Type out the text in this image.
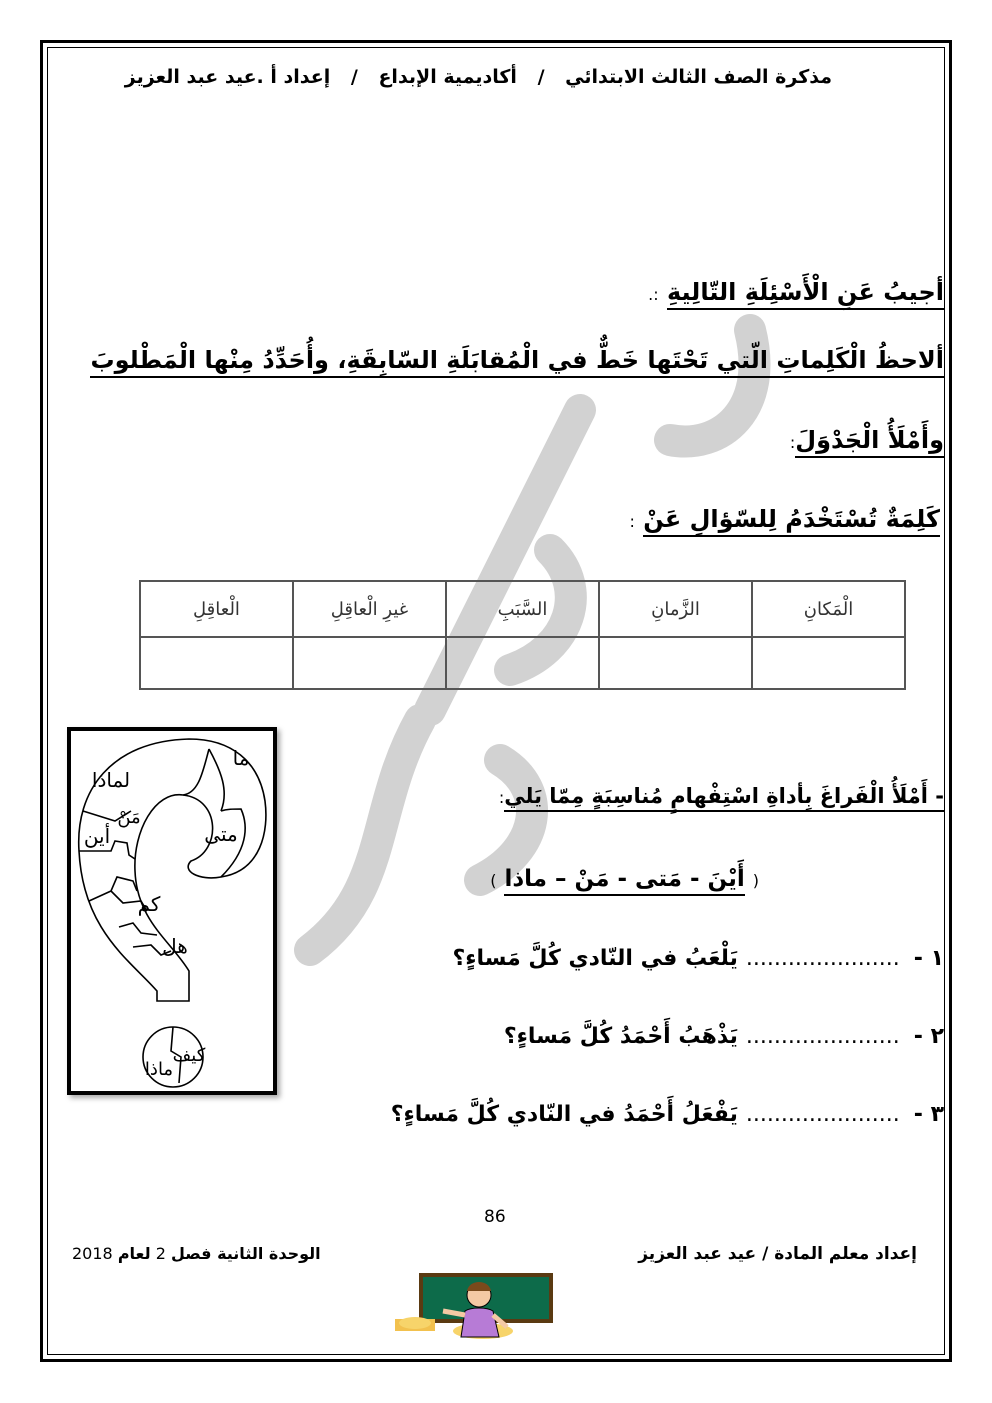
مذكرة الصف الثالث الابتدائي / أكاديمية الإبداع / إعداد أ .عيد عبد العزيز
أجيبُ عَنِ الْأَسْئِلَةِ التّالِيةِ :.
ألاحظُ الْكَلِماتِ الّتي تَحْتَها خَطٌّ في الْمُقابَلَةِ السّابِقَةِ، وأُحَدِّدُ مِنْها الْمَطْلوبَ
وأَمْلَأُ الْجَدْوَلَ:
كَلِمَةٌ تُسْتَخْدَمُ لِلسّؤالِ عَنْ :
الْمَكانِ	الزَّمانِ	السَّبَبِ	غيرِ الْعاقِلِ	الْعاقِلِ

ما
متى
لماذا
مَنْ
أين
كم
هل
كيف
ماذا
- أَمْلَأُ الْفَراغَ بِأداةِ اسْتِفْهامٍ مُناسِبَةٍ مِمّا يَلي:
( أَيْنَ - مَتى - مَنْ – ماذا )
١ -......................يَلْعَبُ في النّادي كُلَّ مَساءٍ؟
٢ -......................يَذْهَبُ أَحْمَدُ كُلَّ مَساءٍ؟
٣ -......................يَفْعَلُ أَحْمَدُ في النّادي كُلَّ مَساءٍ؟
86
إعداد معلم المادة / عيد عبد العزيز
الوحدة الثانية فصل 2 لعام 2018
